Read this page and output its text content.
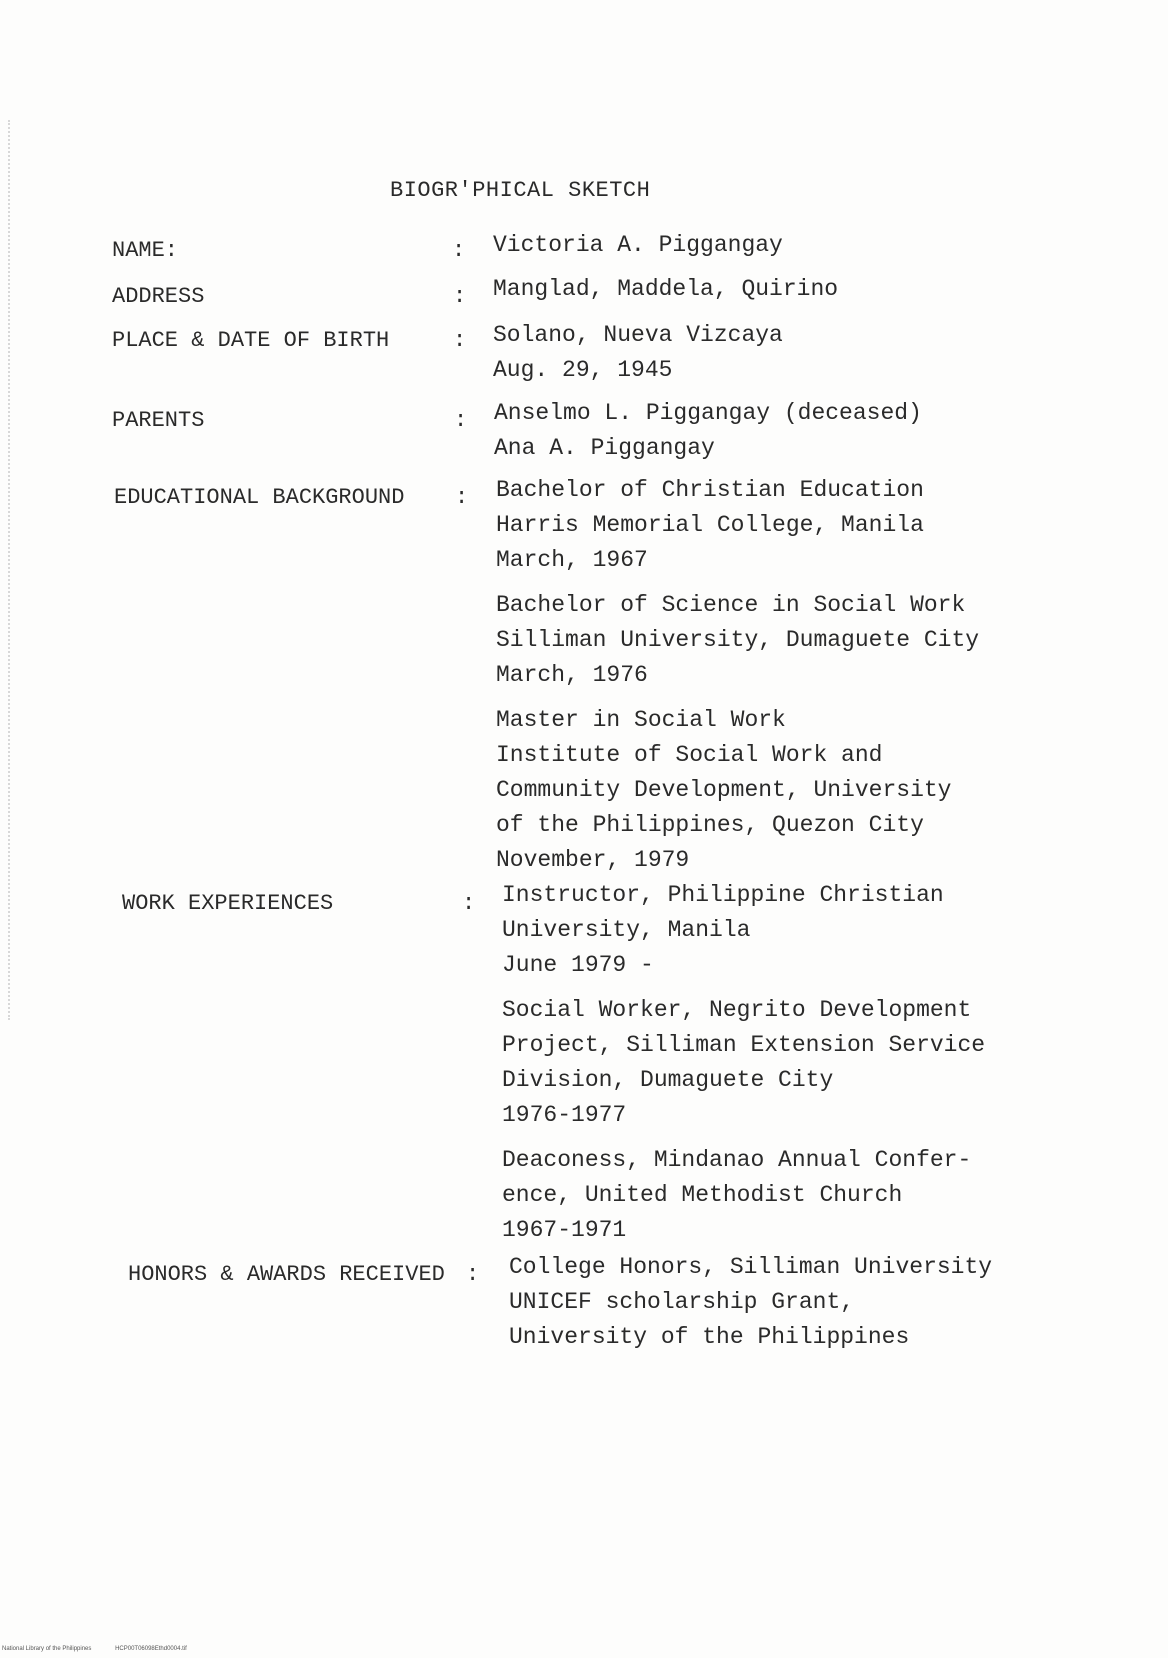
BIOGR'PHICAL SKETCH
NAME:	: Victoria A. Piggangay
ADDRESS	: Manglad, Maddela, Quirino
PLACE & DATE OF BIRTH	: Solano, Nueva Vizcaya
Aug. 29, 1945
PARENTS	: Anselmo L. Piggangay (deceased)
Ana A. Piggangay
EDUCATIONAL BACKGROUND : Bachelor of Christian Education
Harris Memorial College, Manila
March, 1967
Bachelor of Science in Social Work
Silliman University, Dumaguete City
March, 1976
Master in Social Work
Institute of Social Work and
Community Development, University
of the Philippines, Quezon City
November, 1979
WORK EXPERIENCES	: Instructor, Philippine Christian
University, Manila
June 1979 -
Social Worker, Negrito Development
Project, Silliman Extension Service
Division, Dumaguete City
1976-1977
Deaconess, Mindanao Annual Confer-
ence, United Methodist Church
1967-1971
HONORS & AWARDS RECEIVED : College Honors, Silliman University
UNICEF scholarship Grant,
University of the Philippines
National Library of the Philippines	HCP00T06098Ethd0004.tif
